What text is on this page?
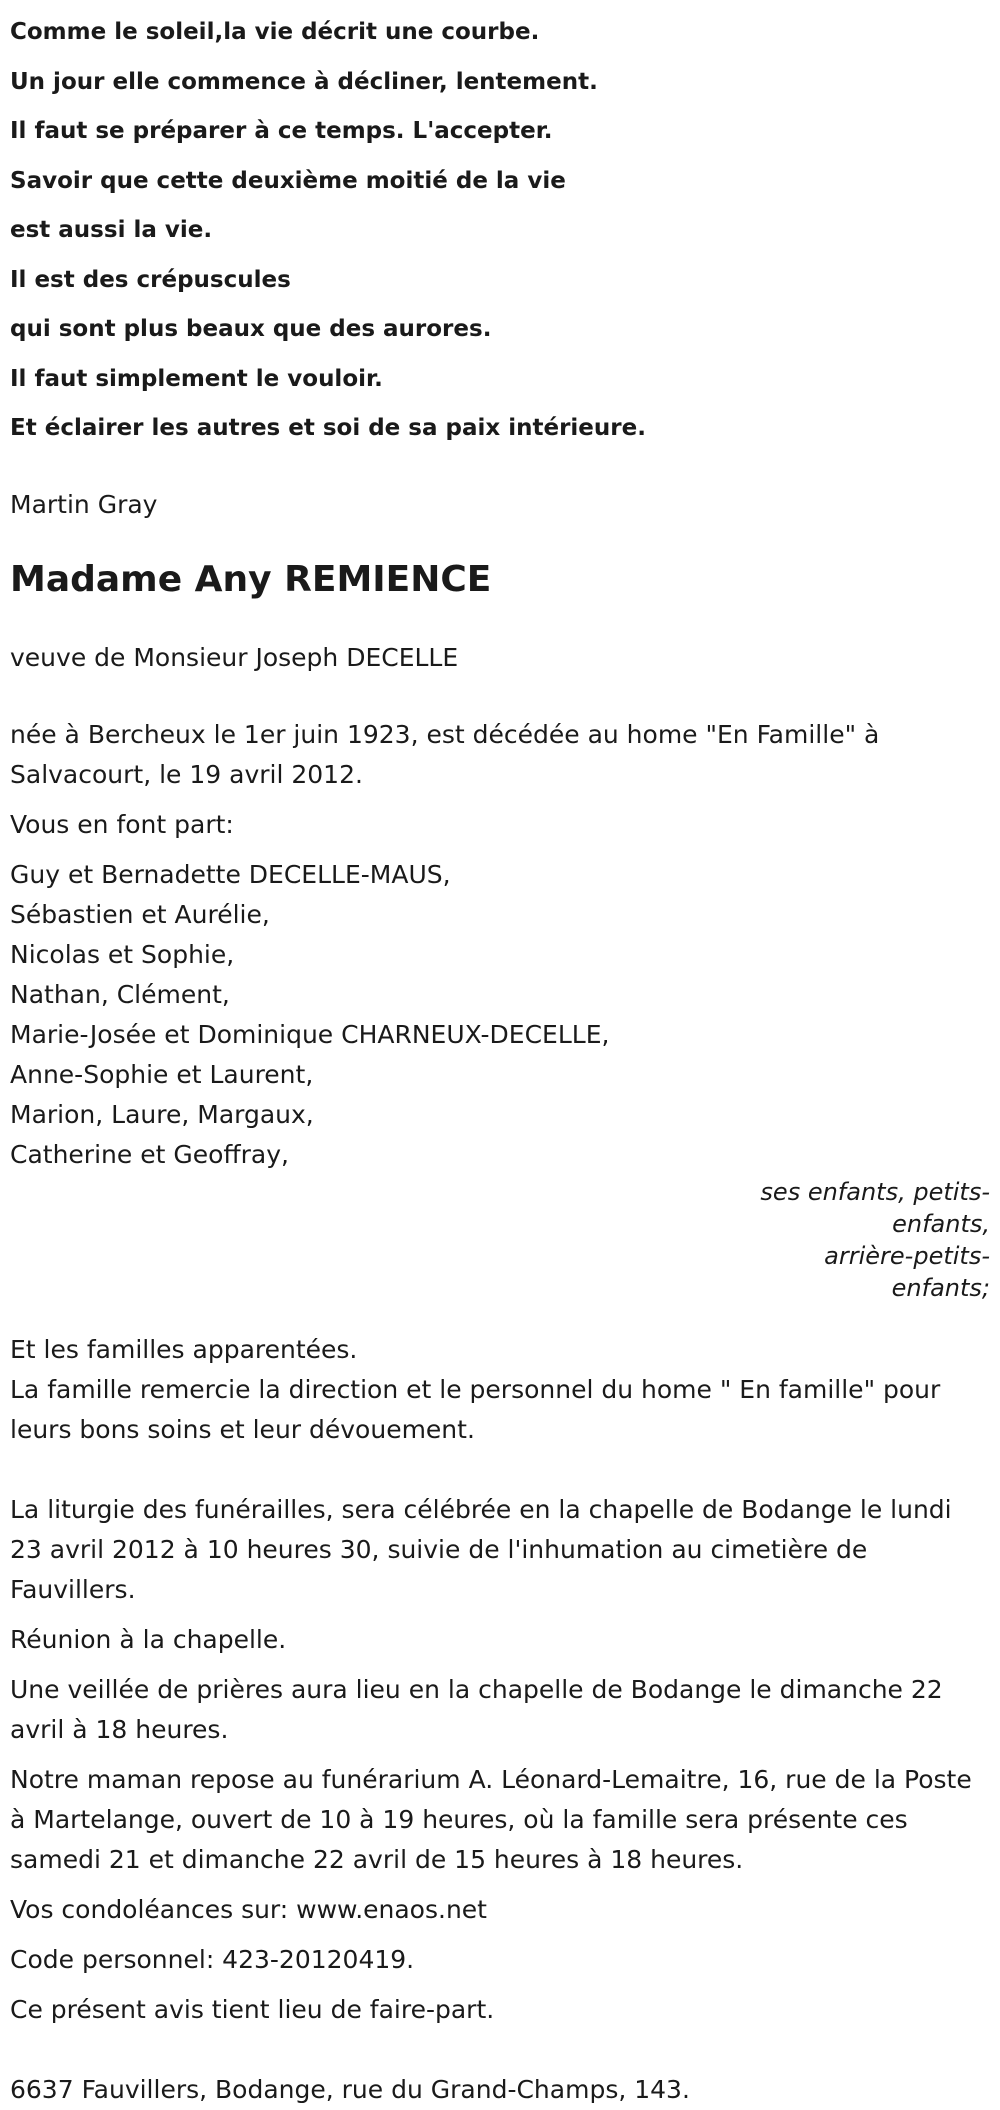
Comme le soleil,la vie décrit une courbe.
Un jour elle commence à décliner, lentement.
Il faut se préparer à ce temps. L'accepter.
Savoir que cette deuxième moitié de la vie
est aussi la vie.
Il est des crépuscules
qui sont plus beaux que des aurores.
Il faut simplement le vouloir.
Et éclairer les autres et soi de sa paix intérieure.
Martin Gray
Madame Any REMIENCE
veuve de Monsieur Joseph DECELLE
née à Bercheux le 1er juin 1923, est décédée au home "En Famille" à Salvacourt, le 19 avril 2012.
Vous en font part:
Guy et Bernadette DECELLE-MAUS,
Sébastien et Aurélie,
Nicolas et Sophie,
Nathan, Clément,
Marie-Josée et Dominique CHARNEUX-DECELLE,
Anne-Sophie et Laurent,
Marion, Laure, Margaux,
Catherine et Geoffray,
ses enfants, petits-enfants,
arrière-petits-enfants;
Et les familles apparentées.
La famille remercie la direction et le personnel du home " En famille" pour leurs bons soins et leur dévouement.
La liturgie des funérailles, sera célébrée en la chapelle de Bodange le lundi 23 avril 2012 à 10 heures 30, suivie de l'inhumation au cimetière de Fauvillers.
Réunion à la chapelle.
Une veillée de prières aura lieu en la chapelle de Bodange le dimanche 22 avril à 18 heures.
Notre maman repose au funérarium A. Léonard-Lemaitre, 16, rue de la Poste à Martelange, ouvert de 10 à 19 heures, où la famille sera présente ces samedi 21 et dimanche 22 avril de 15 heures à 18 heures.
Vos condoléances sur: www.enaos.net
Code personnel: 423-20120419.
Ce présent avis tient lieu de faire-part.
6637 Fauvillers, Bodange, rue du Grand-Champs, 143.
